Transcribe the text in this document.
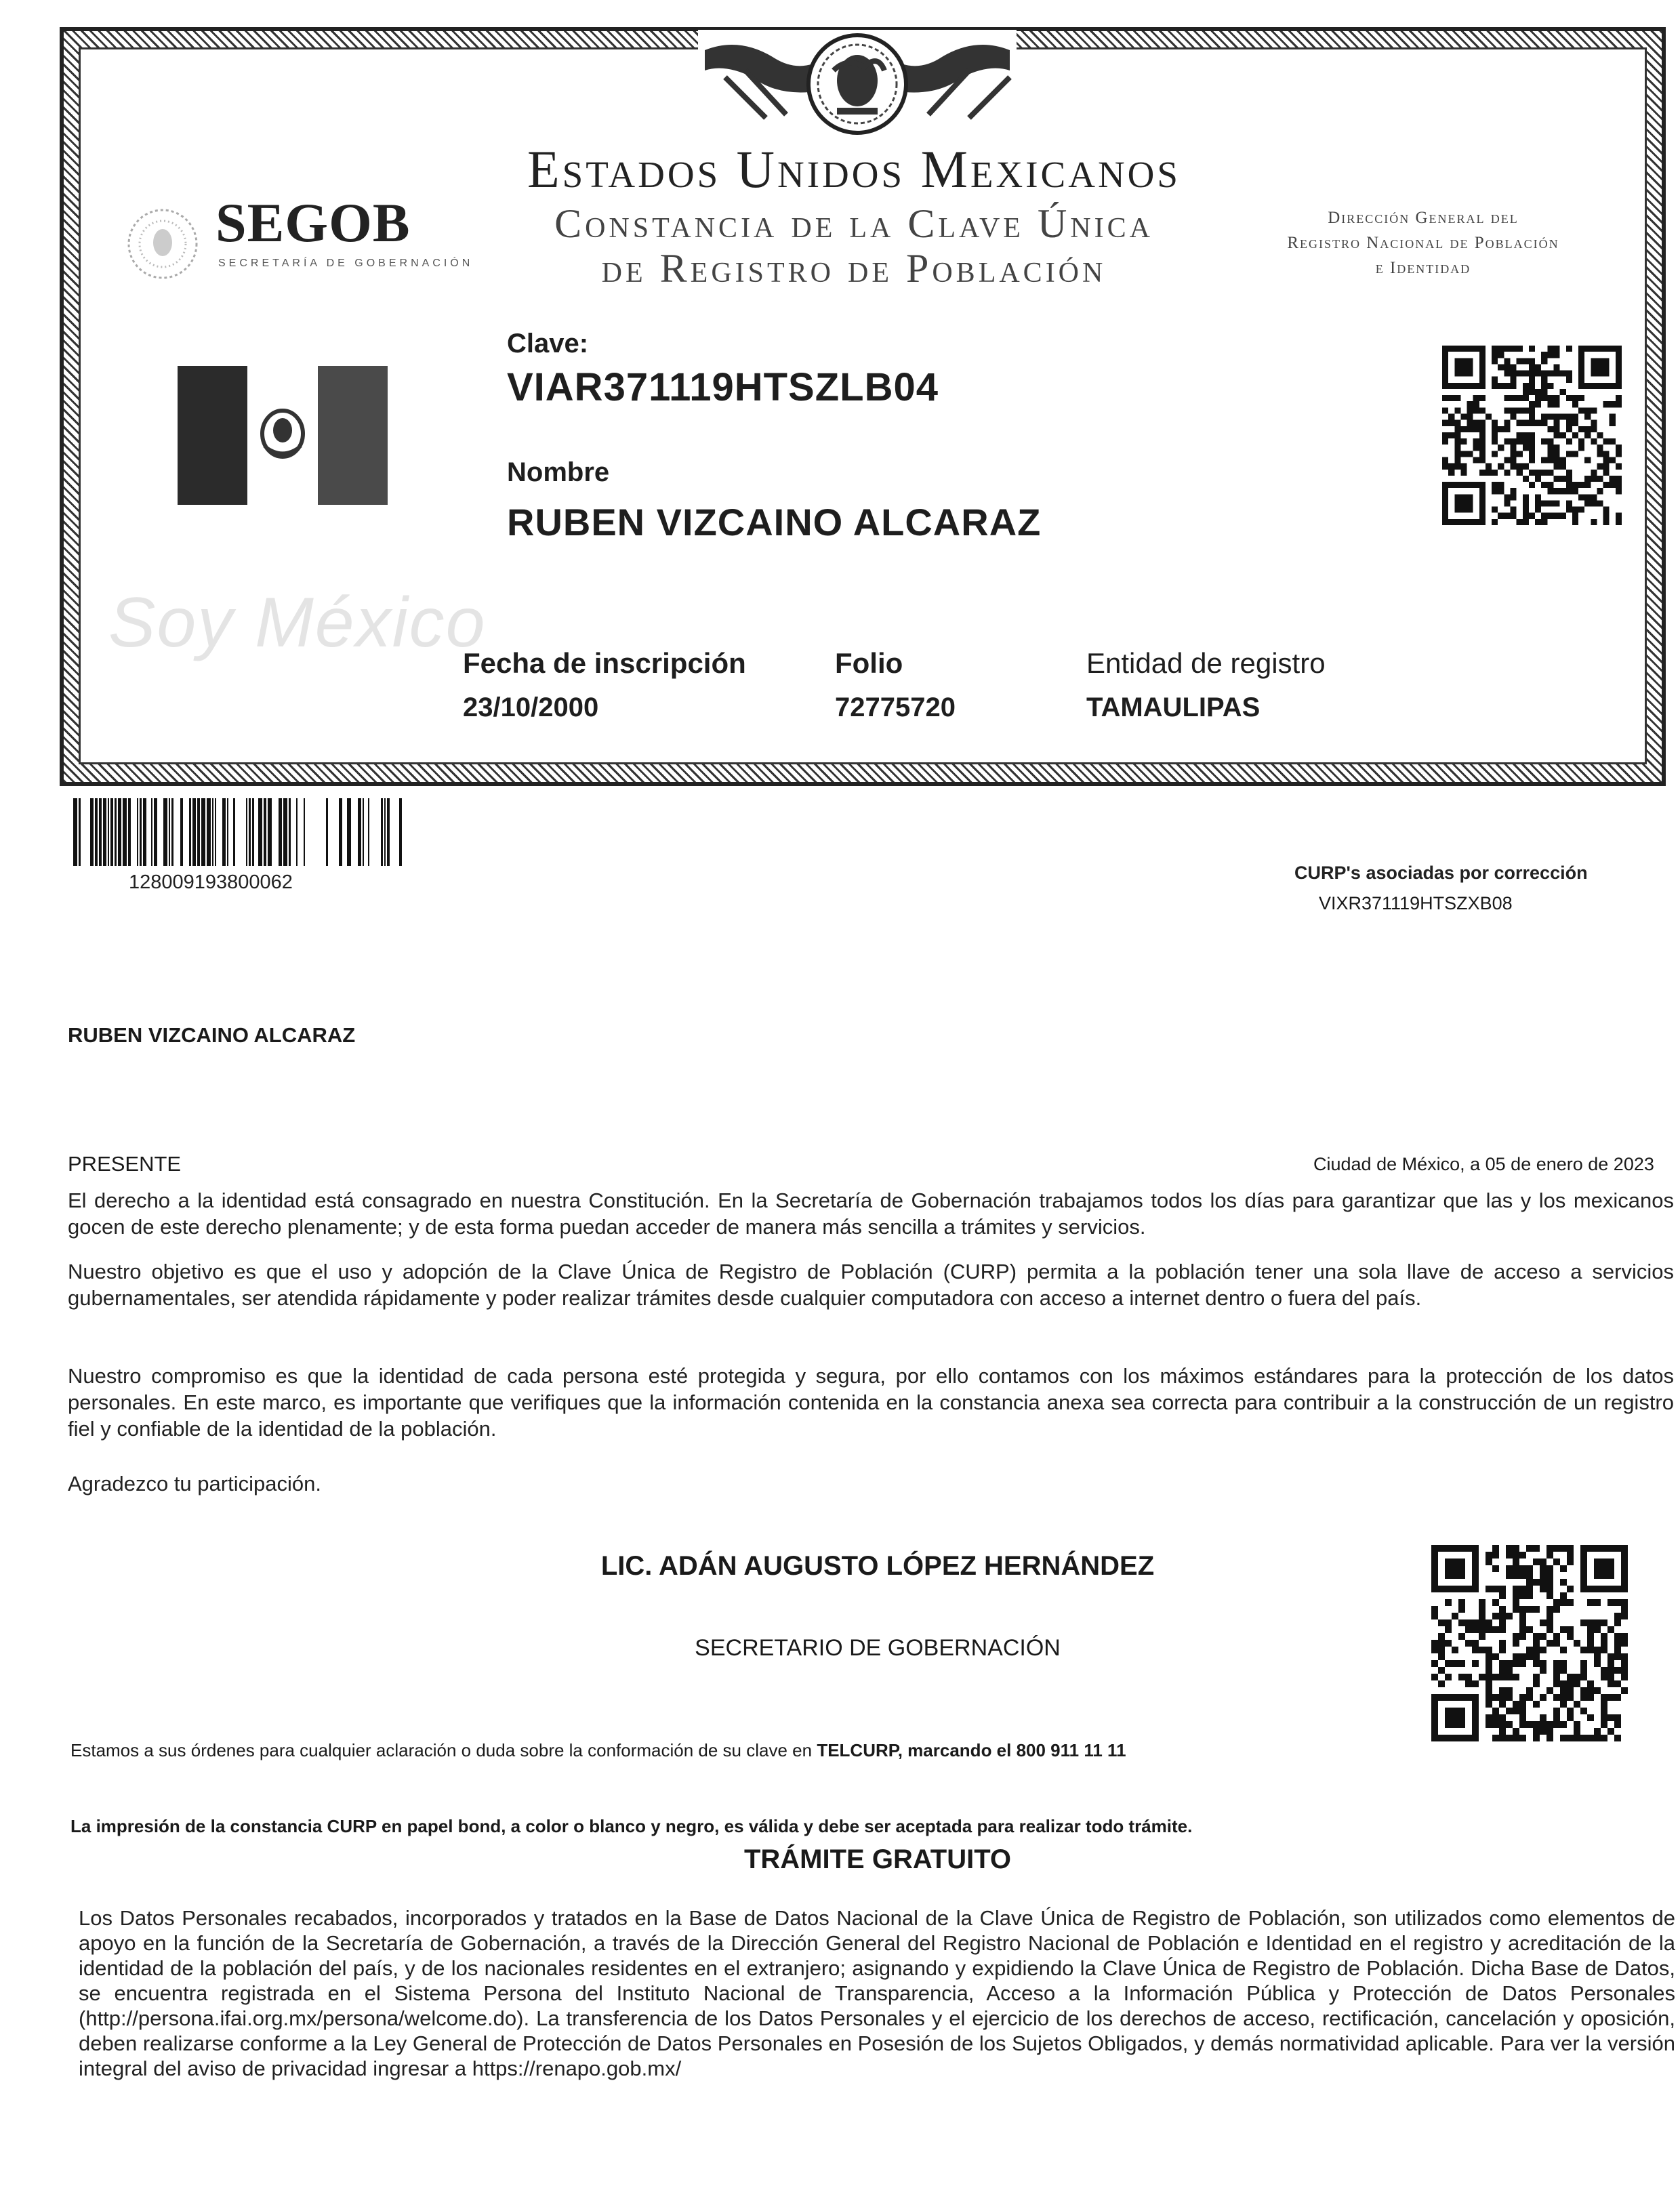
Estados Unidos Mexicanos
Constancia de la Clave Única
de Registro de Población
SEGOB
SECRETARÍA DE GOBERNACIÓN
Dirección General del
Registro Nacional de Población
e Identidad
Clave:
VIAR371119HTSZLB04
Nombre
RUBEN VIZCAINO ALCARAZ
Soy México
Fecha de inscripción
23/10/2000
Folio
72775720
Entidad de registro
TAMAULIPAS
128009193800062	CURP's asociadas por corrección
VIXR371119HTSZXB08
RUBEN VIZCAINO ALCARAZ
PRESENTE	Ciudad de México, a 05 de enero de 2023
El derecho a la identidad está consagrado en nuestra Constitución. En la Secretaría de Gobernación trabajamos todos los días para garantizar que las y los mexicanos gocen de este derecho plenamente; y de esta forma puedan acceder de manera más sencilla a trámites y servicios.
Nuestro objetivo es que el uso y adopción de la Clave Única de Registro de Población (CURP) permita a la población tener una sola llave de acceso a servicios gubernamentales, ser atendida rápidamente y poder realizar trámites desde cualquier computadora con acceso a internet dentro o fuera del país.
Nuestro compromiso es que la identidad de cada persona esté protegida y segura, por ello contamos con los máximos estándares para la protección de los datos personales. En este marco, es importante que verifiques que la información contenida en la constancia anexa sea correcta para contribuir a la construcción de un registro fiel y confiable de la identidad de la población.
Agradezco tu participación.
LIC. ADÁN AUGUSTO LÓPEZ HERNÁNDEZ
SECRETARIO DE GOBERNACIÓN
Estamos a sus órdenes para cualquier aclaración o duda sobre la conformación de su clave en TELCURP, marcando el 800 911 11 11
La impresión de la constancia CURP en papel bond, a color o blanco y negro, es válida y debe ser aceptada para realizar todo trámite.
TRÁMITE GRATUITO
Los Datos Personales recabados, incorporados y tratados en la Base de Datos Nacional de la Clave Única de Registro de Población, son utilizados como elementos de apoyo en la función de la Secretaría de Gobernación, a través de la Dirección General del Registro Nacional de Población e Identidad en el registro y acreditación de la identidad de la población del país, y de los nacionales residentes en el extranjero; asignando y expidiendo la Clave Única de Registro de Población. Dicha Base de Datos, se encuentra registrada en el Sistema Persona del Instituto Nacional de Transparencia, Acceso a la Información Pública y Protección de Datos Personales (http://persona.ifai.org.mx/persona/welcome.do). La transferencia de los Datos Personales y el ejercicio de los derechos de acceso, rectificación, cancelación y oposición, deben realizarse conforme a la Ley General de Protección de Datos Personales en Posesión de los Sujetos Obligados, y demás normatividad aplicable. Para ver la versión integral del aviso de privacidad ingresar a https://renapo.gob.mx/
